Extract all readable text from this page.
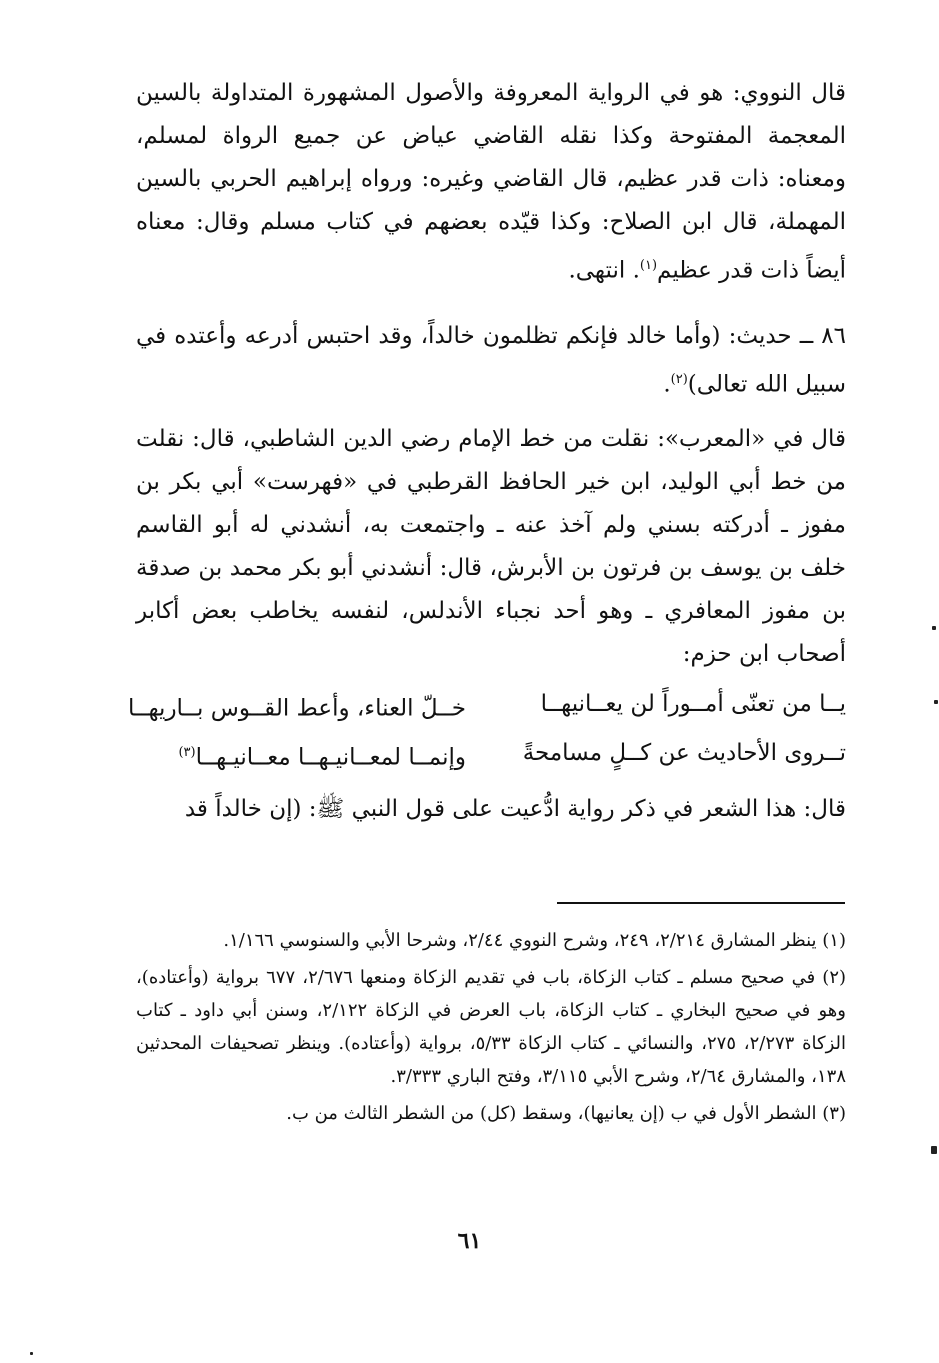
قال النووي: هو في الرواية المعروفة والأصول المشهورة المتداولة بالسين المعجمة المفتوحة وكذا نقله القاضي عياض عن جميع الرواة لمسلم، ومعناه: ذات قدر عظيم، قال القاضي وغيره: ورواه إبراهيم الحربي بالسين المهملة، قال ابن الصلاح: وكذا قيّده بعضهم في كتاب مسلم وقال: معناه أيضاً ذات قدر عظيم$^{(١)}$. انتهى.

٨٦ ــ حديث: (وأما خالد فإنكم تظلمون خالداً، وقد احتبس أدرعه وأعتده في سبيل الله تعالى)$^{(٢)}$.

قال في «المعرب»: نقلت من خط الإمام رضي الدين الشاطبي، قال: نقلت من خط أبي الوليد، ابن خير الحافظ القرطبي في «فهرست» أبي بكر بن مفوز ـ أدركته بسني ولم آخذ عنه ـ واجتمعت به، أنشدني له أبو القاسم خلف بن يوسف بن فرتون بن الأبرش، قال: أنشدني أبو بكر محمد بن صدقة بن مفوز المعافري ـ وهو أحد نجباء الأندلس، لنفسه يخاطب بعض أكابر أصحاب ابن حزم:

يــا من تعنّى أمــوراً لن يعــانيهــا
خــلّ العناء، وأعط القــوس بــاريهــا
تــروى الأحاديث عن كــلٍ مسامحةً
وإنمــا لمعــانيـهــا معــانيـهــا$^{(٣)}$

قال: هذا الشعر في ذكر رواية ادُّعيت على قول النبي ﷺ: (إن خالداً قد

(١) ينظر المشارق ٢/٢١٤، ٢٤٩، وشرح النووي ٢/٤٤، وشرحا الأبي والسنوسي ١/١٦٦.

(٢) في صحيح مسلم ـ كتاب الزكاة، باب في تقديم الزكاة ومنعها ٢/٦٧٦، ٦٧٧ برواية (وأعتاده)، وهو في صحيح البخاري ـ كتاب الزكاة، باب العرض في الزكاة ٢/١٢٢، وسنن أبي داود ـ كتاب الزكاة ٢/٢٧٣، ٢٧٥، والنسائي ـ كتاب الزكاة ٥/٣٣، برواية (وأعتاده). وينظر تصحيفات المحدثين ١٣٨، والمشارق ٢/٦٤، وشرح الأبي ٣/١١٥، وفتح الباري ٣/٣٣٣.

(٣) الشطر الأول في ب (إن يعانيها)، وسقط (كل) من الشطر الثالث من ب.

٦١
